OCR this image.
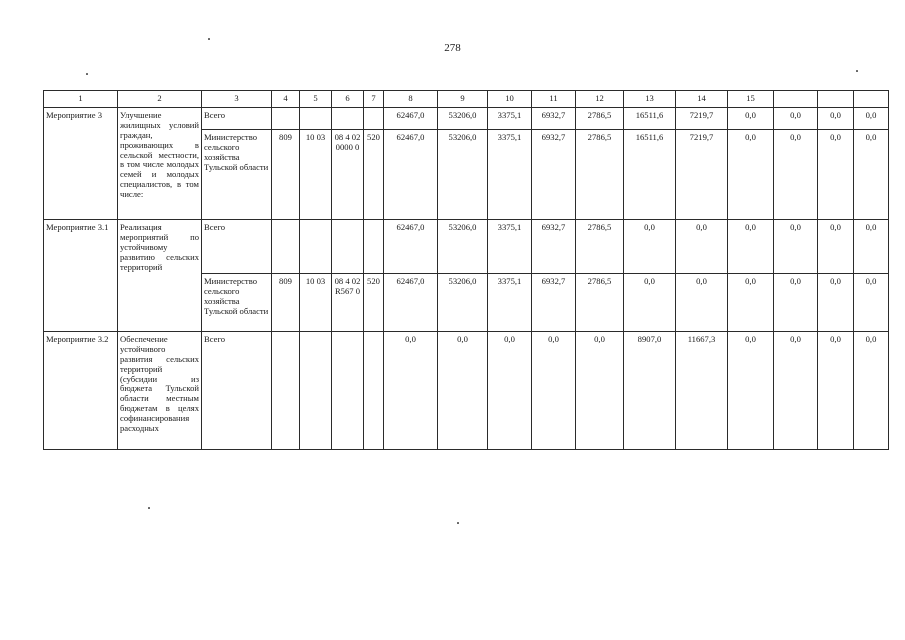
278
1	2	3	4	5	6	7	8	9	10	11	12	13	14	15			
Мероприятие 3	Улучшение жилищных условий граждан, проживающих в сельской местности, в том числе молодых семей и молодых специалистов, в том числе:	Всего					62467,0	53206,0	3375,1	6932,7	2786,5	16511,6	7219,7	0,0	0,0	0,0	0,0
		Министерство сельского хозяйства Тульской области	809	10 03	08 4 02 0000 0	520	62467,0	53206,0	3375,1	6932,7	2786,5	16511,6	7219,7	0,0	0,0	0,0	0,0
Мероприятие 3.1	Реализация мероприятий по устойчивому развитию сельских территорий	Всего					62467,0	53206,0	3375,1	6932,7	2786,5	0,0	0,0	0,0	0,0	0,0	0,0
		Министерство сельского хозяйства Тульской области	809	10 03	08 4 02 R567 0	520	62467,0	53206,0	3375,1	6932,7	2786,5	0,0	0,0	0,0	0,0	0,0	0,0
Мероприятие 3.2	Обеспечение устойчивого развития сельских территорий (субсидии из бюджета Тульской области местным бюджетам в целях софинансирования расходных	Всего					0,0	0,0	0,0	0,0	0,0	8907,0	11667,3	0,0	0,0	0,0	0,0
